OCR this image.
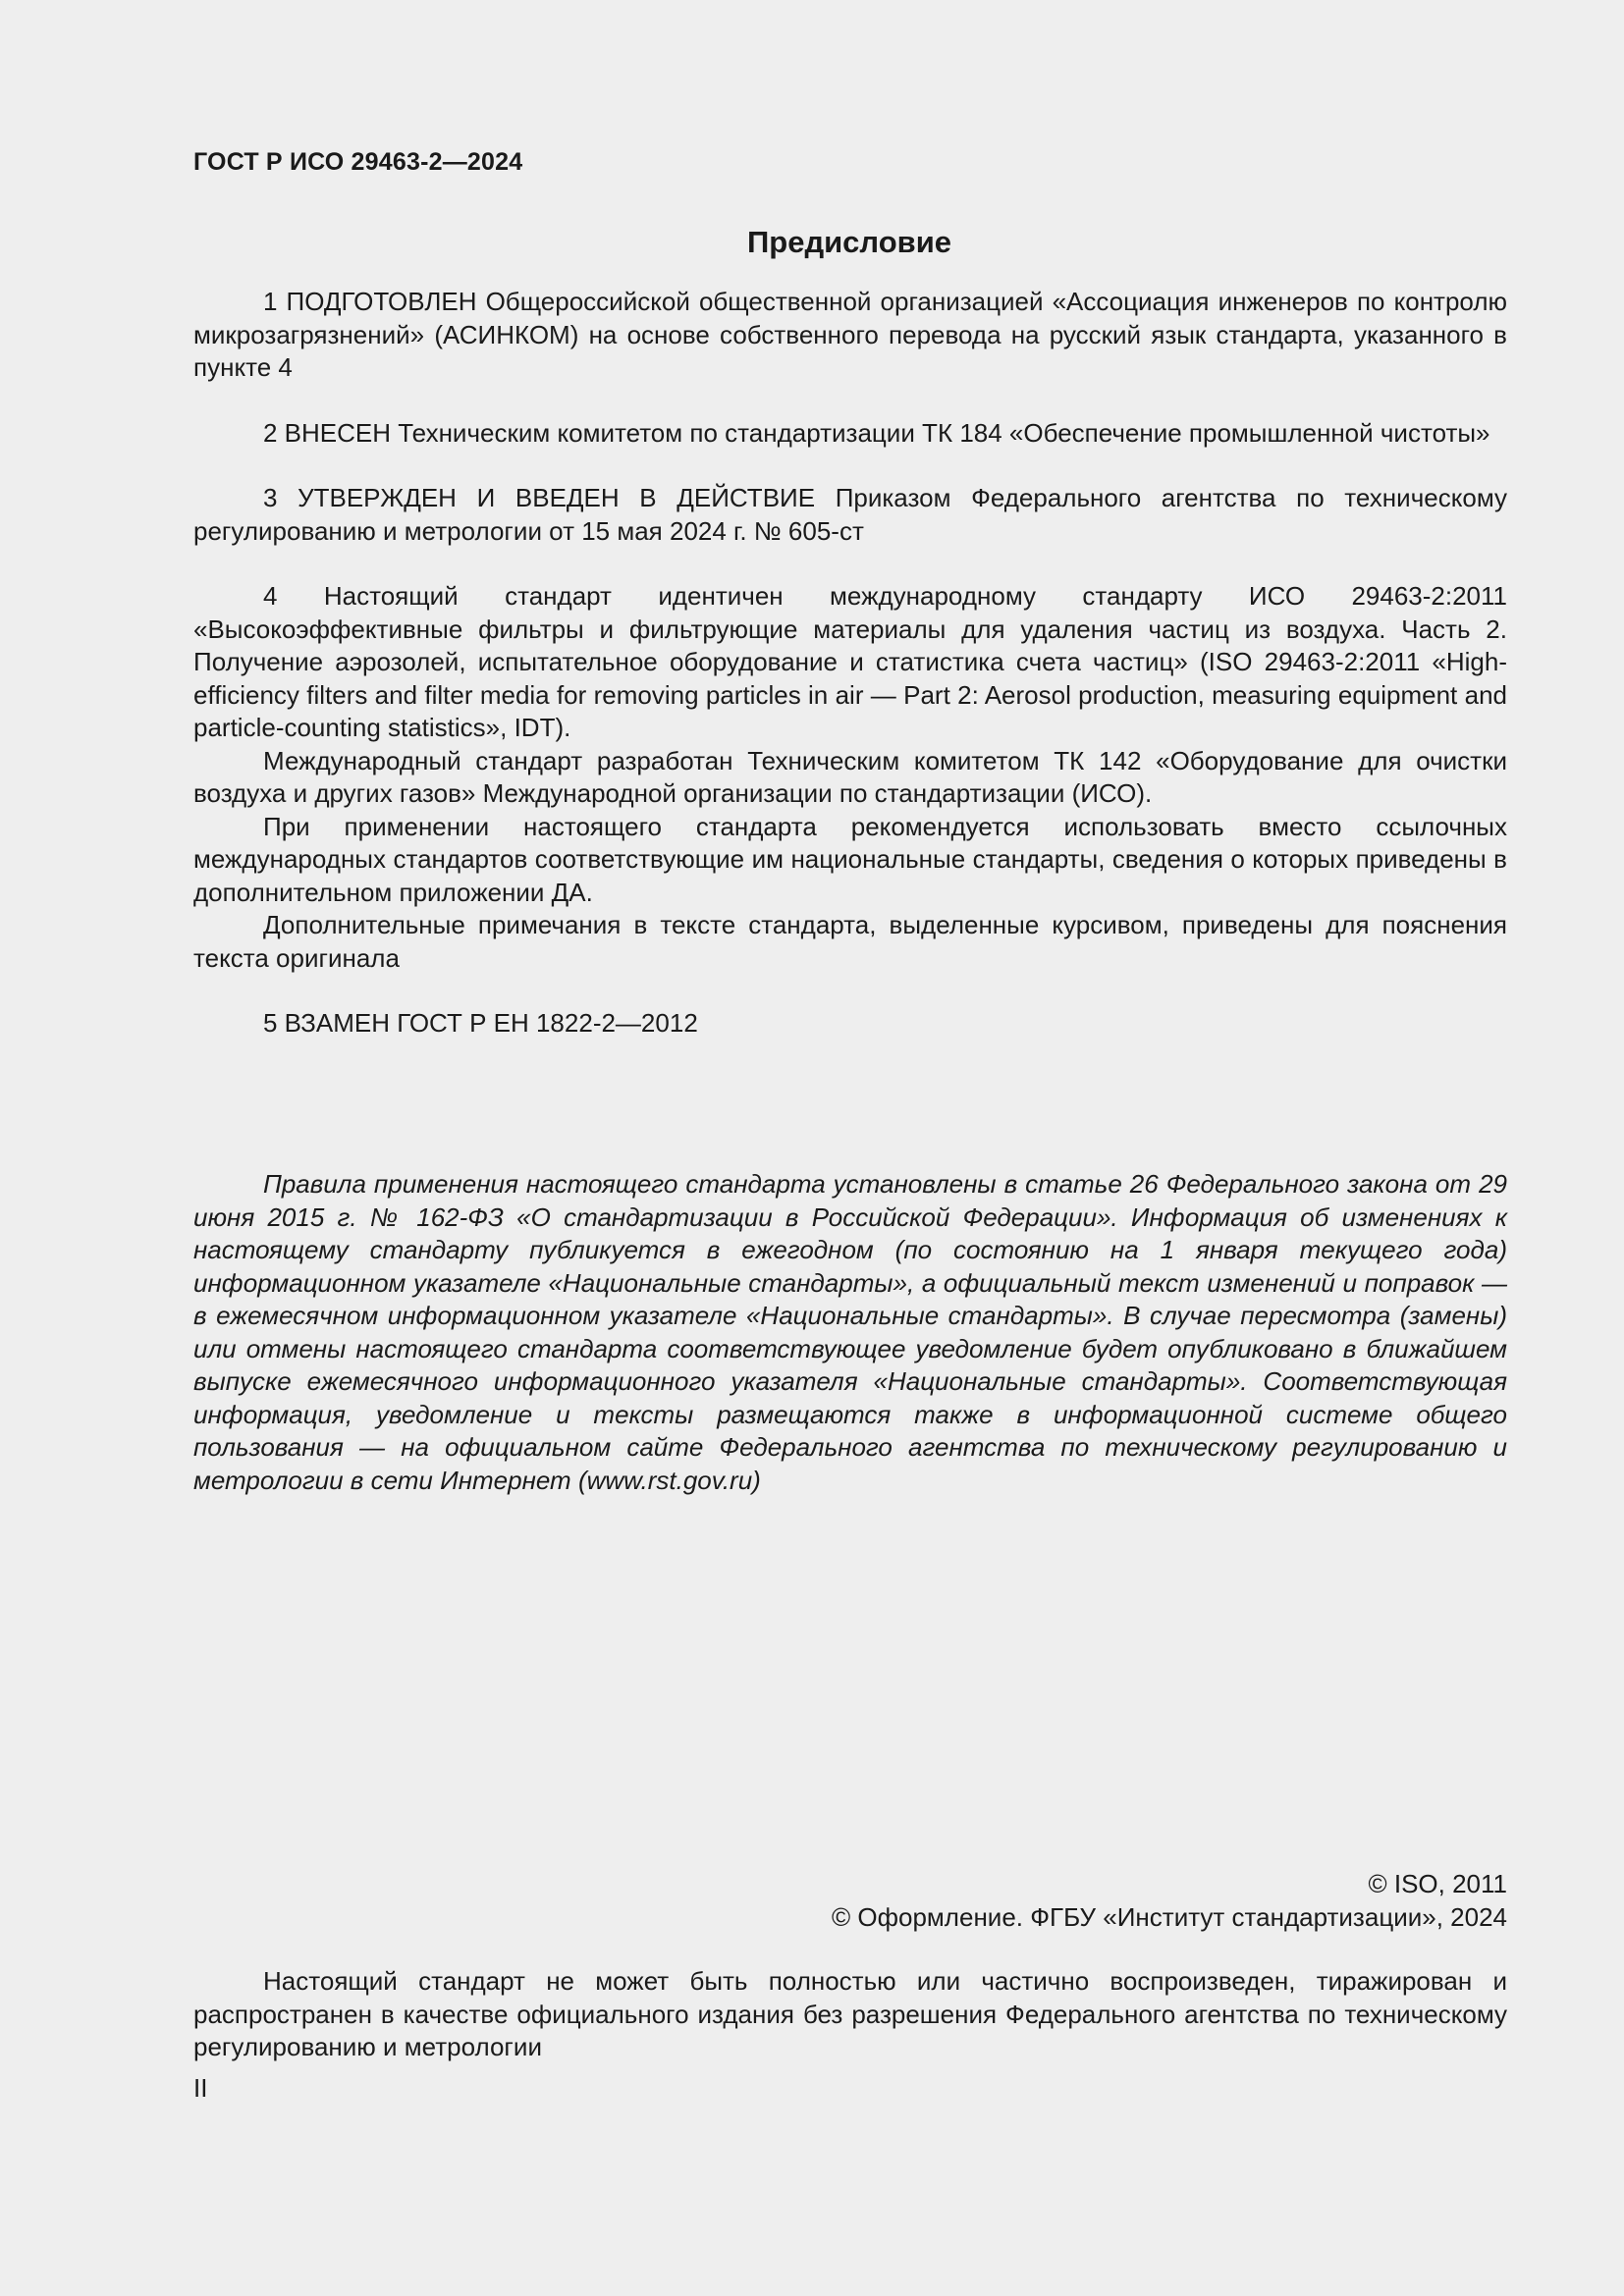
ГОСТ Р ИСО 29463-2—2024
Предисловие

1 ПОДГОТОВЛЕН Общероссийской общественной организацией «Ассоциация инженеров по контролю микрозагрязнений» (АСИНКОМ) на основе собственного перевода на русский язык стандарта, указанного в пункте 4

2 ВНЕСЕН Техническим комитетом по стандартизации ТК 184 «Обеспечение промышленной чистоты»

3 УТВЕРЖДЕН И ВВЕДЕН В ДЕЙСТВИЕ Приказом Федерального агентства по техническому регулированию и метрологии от 15 мая 2024 г. № 605-ст

4 Настоящий стандарт идентичен международному стандарту ИСО 29463-2:2011 «Высокоэффективные фильтры и фильтрующие материалы для удаления частиц из воздуха. Часть 2. Получение аэрозолей, испытательное оборудование и статистика счета частиц» (ISO 29463-2:2011 «High-efficiency filters and filter media for removing particles in air — Part 2: Aerosol production, measuring equipment and particle-counting statistics», IDT).

Международный стандарт разработан Техническим комитетом ТК 142 «Оборудование для очистки воздуха и других газов» Международной организации по стандартизации (ИСО).

При применении настоящего стандарта рекомендуется использовать вместо ссылочных международных стандартов соответствующие им национальные стандарты, сведения о которых приведены в дополнительном приложении ДА.

Дополнительные примечания в тексте стандарта, выделенные курсивом, приведены для пояснения текста оригинала

5 ВЗАМЕН ГОСТ Р ЕН 1822-2—2012

Правила применения настоящего стандарта установлены в статье 26 Федерального закона от 29 июня 2015 г. № 162-ФЗ «О стандартизации в Российской Федерации». Информация об изменениях к настоящему стандарту публикуется в ежегодном (по состоянию на 1 января текущего года) информационном указателе «Национальные стандарты», а официальный текст изменений и поправок — в ежемесячном информационном указателе «Национальные стандарты». В случае пересмотра (замены) или отмены настоящего стандарта соответствующее уведомление будет опубликовано в ближайшем выпуске ежемесячного информационного указателя «Национальные стандарты». Соответствующая информация, уведомление и тексты размещаются также в информационной системе общего пользования — на официальном сайте Федерального агентства по техническому регулированию и метрологии в сети Интернет (www.rst.gov.ru)

© ISO, 2011
© Оформление. ФГБУ «Институт стандартизации», 2024

Настоящий стандарт не может быть полностью или частично воспроизведен, тиражирован и распространен в качестве официального издания без разрешения Федерального агентства по техническому регулированию и метрологии

II
